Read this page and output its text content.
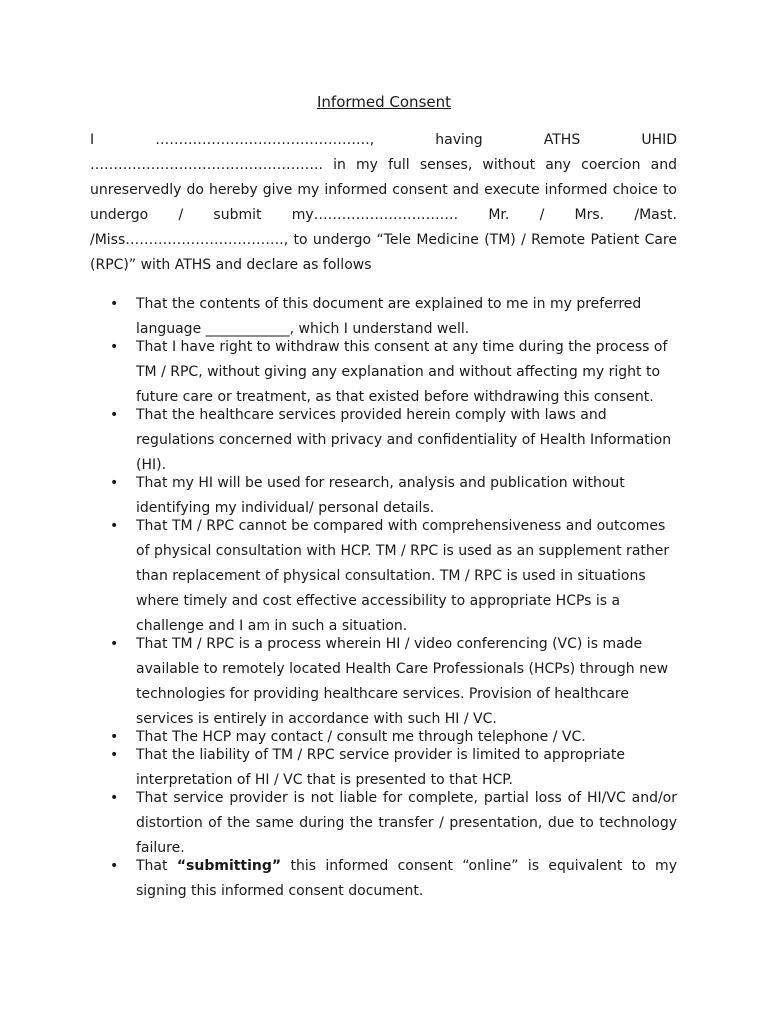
Informed Consent
I ………………………………………., having ATHS UHID
………………………………………….. in my full senses, without any coercion and
unreservedly do hereby give my informed consent and execute informed choice to
undergo / submit my…………………………. Mr. / Mrs. /Mast.
/Miss……………………………., to undergo “Tele Medicine (TM) / Remote Patient Care
(RPC)” with ATHS and declare as follows
• That the contents of this document are explained to me in my preferred language ____________, which I understand well.
• That I have right to withdraw this consent at any time during the process of TM / RPC, without giving any explanation and without affecting my right to future care or treatment, as that existed before withdrawing this consent.
• That the healthcare services provided herein comply with laws and regulations concerned with privacy and confidentiality of Health Information (HI).
• That my HI will be used for research, analysis and publication without identifying my individual/ personal details.
• That TM / RPC cannot be compared with comprehensiveness and outcomes of physical consultation with HCP. TM / RPC is used as an supplement rather than replacement of physical consultation. TM / RPC is used in situations where timely and cost effective accessibility to appropriate HCPs is a challenge and I am in such a situation.
• That TM / RPC is a process wherein HI / video conferencing (VC) is made available to remotely located Health Care Professionals (HCPs) through new technologies for providing healthcare services. Provision of healthcare services is entirely in accordance with such HI / VC.
• That The HCP may contact / consult me through telephone / VC.
• That the liability of TM / RPC service provider is limited to appropriate interpretation of HI / VC that is presented to that HCP.
• That service provider is not liable for complete, partial loss of HI/VC and/or distortion of the same during the transfer / presentation, due to technology failure.
• That “submitting” this informed consent “online” is equivalent to my signing this informed consent document.
